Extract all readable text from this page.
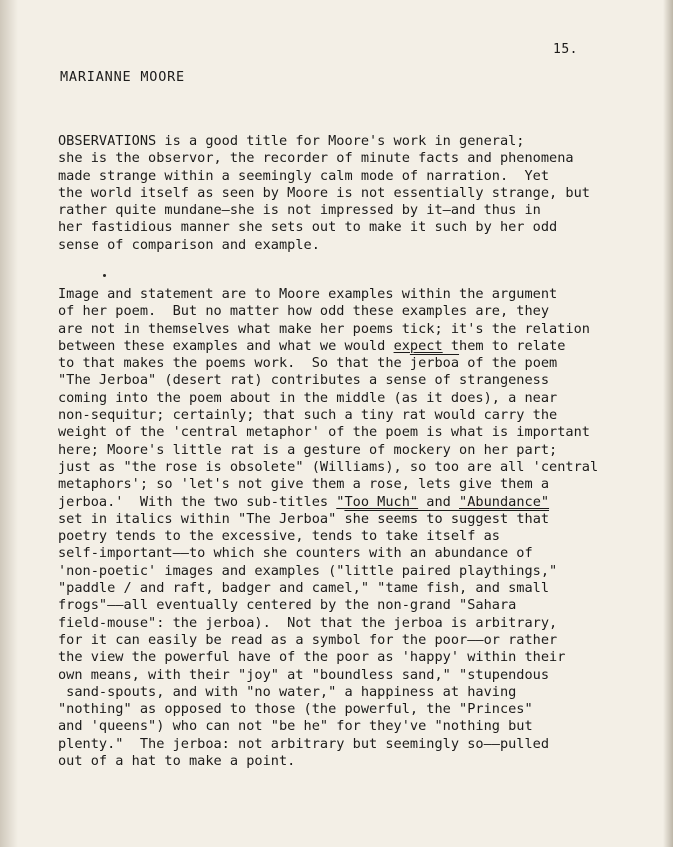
15.
MARIANNE MOORE
OBSERVATIONS is a good title for Moore's work in general;
she is the observor, the recorder of minute facts and phenomena
made strange within a seemingly calm mode of narration.  Yet
the world itself as seen by Moore is not essentially strange, but
rather quite mundane—she is not impressed by it—and thus in
her fastidious manner she sets out to make it such by her odd
sense of comparison and example.
Image and statement are to Moore examples within the argument
of her poem.  But no matter how odd these examples are, they
are not in themselves what make her poems tick; it's the relation
between these examples and what we would expect them to relate
to that makes the poems work.  So that the jerboa of the poem
"The Jerboa" (desert rat) contributes a sense of strangeness
coming into the poem about in the middle (as it does), a near
non-sequitur; certainly; that such a tiny rat would carry the
weight of the 'central metaphor' of the poem is what is important
here; Moore's little rat is a gesture of mockery on her part;
just as "the rose is obsolete" (Williams), so too are all 'central
metaphors'; so 'let's not give them a rose, lets give them a
jerboa.'  With the two sub-titles "Too Much" and "Abundance"
set in italics within "The Jerboa" she seems to suggest that
poetry tends to the excessive, tends to take itself as
self-important——to which she counters with an abundance of
'non-poetic' images and examples ("little paired playthings,"
"paddle / and raft, badger and camel," "tame fish, and small
frogs"——all eventually centered by the non-grand "Sahara
field-mouse": the jerboa).  Not that the jerboa is arbitrary,
for it can easily be read as a symbol for the poor——or rather
the view the powerful have of the poor as 'happy' within their
own means, with their "joy" at "boundless sand," "stupendous
sand-spouts, and with "no water," a happiness at having
"nothing" as opposed to those (the powerful, the "Princes"
and 'queens") who can not "be he" for they've "nothing but
plenty."  The jerboa: not arbitrary but seemingly so——pulled
out of a hat to make a point.
